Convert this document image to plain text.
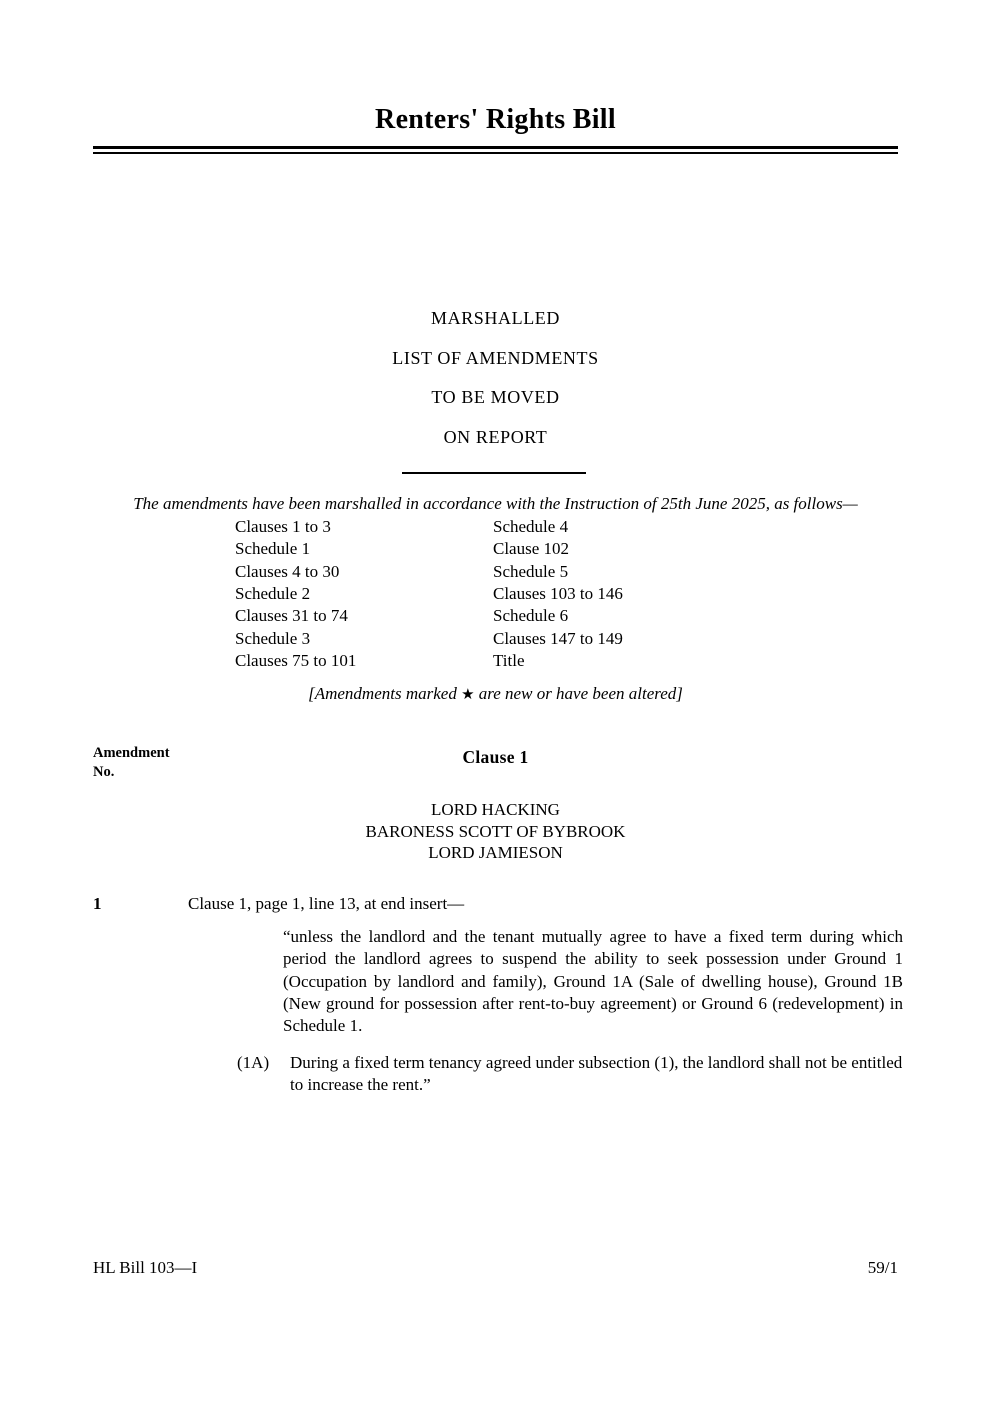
Renters' Rights Bill
MARSHALLED
LIST OF AMENDMENTS
TO BE MOVED
ON REPORT
The amendments have been marshalled in accordance with the Instruction of 25th June 2025, as follows—
Clauses 1 to 3
Schedule 1
Clauses 4 to 30
Schedule 2
Clauses 31 to 74
Schedule 3
Clauses 75 to 101
Schedule 4
Clause 102
Schedule 5
Clauses 103 to 146
Schedule 6
Clauses 147 to 149
Title
[Amendments marked ★ are new or have been altered]
Amendment
No.
Clause 1
LORD HACKING
BARONESS SCOTT OF BYBROOK
LORD JAMIESON
1	Clause 1, page 1, line 13, at end insert—
“unless the landlord and the tenant mutually agree to have a fixed term during which period the landlord agrees to suspend the ability to seek possession under Ground 1 (Occupation by landlord and family), Ground 1A (Sale of dwelling house), Ground 1B (New ground for possession after rent-to-buy agreement) or Ground 6 (redevelopment) in Schedule 1.
(1A) During a fixed term tenancy agreed under subsection (1), the landlord shall not be entitled to increase the rent.”
HL Bill 103—I	59/1
